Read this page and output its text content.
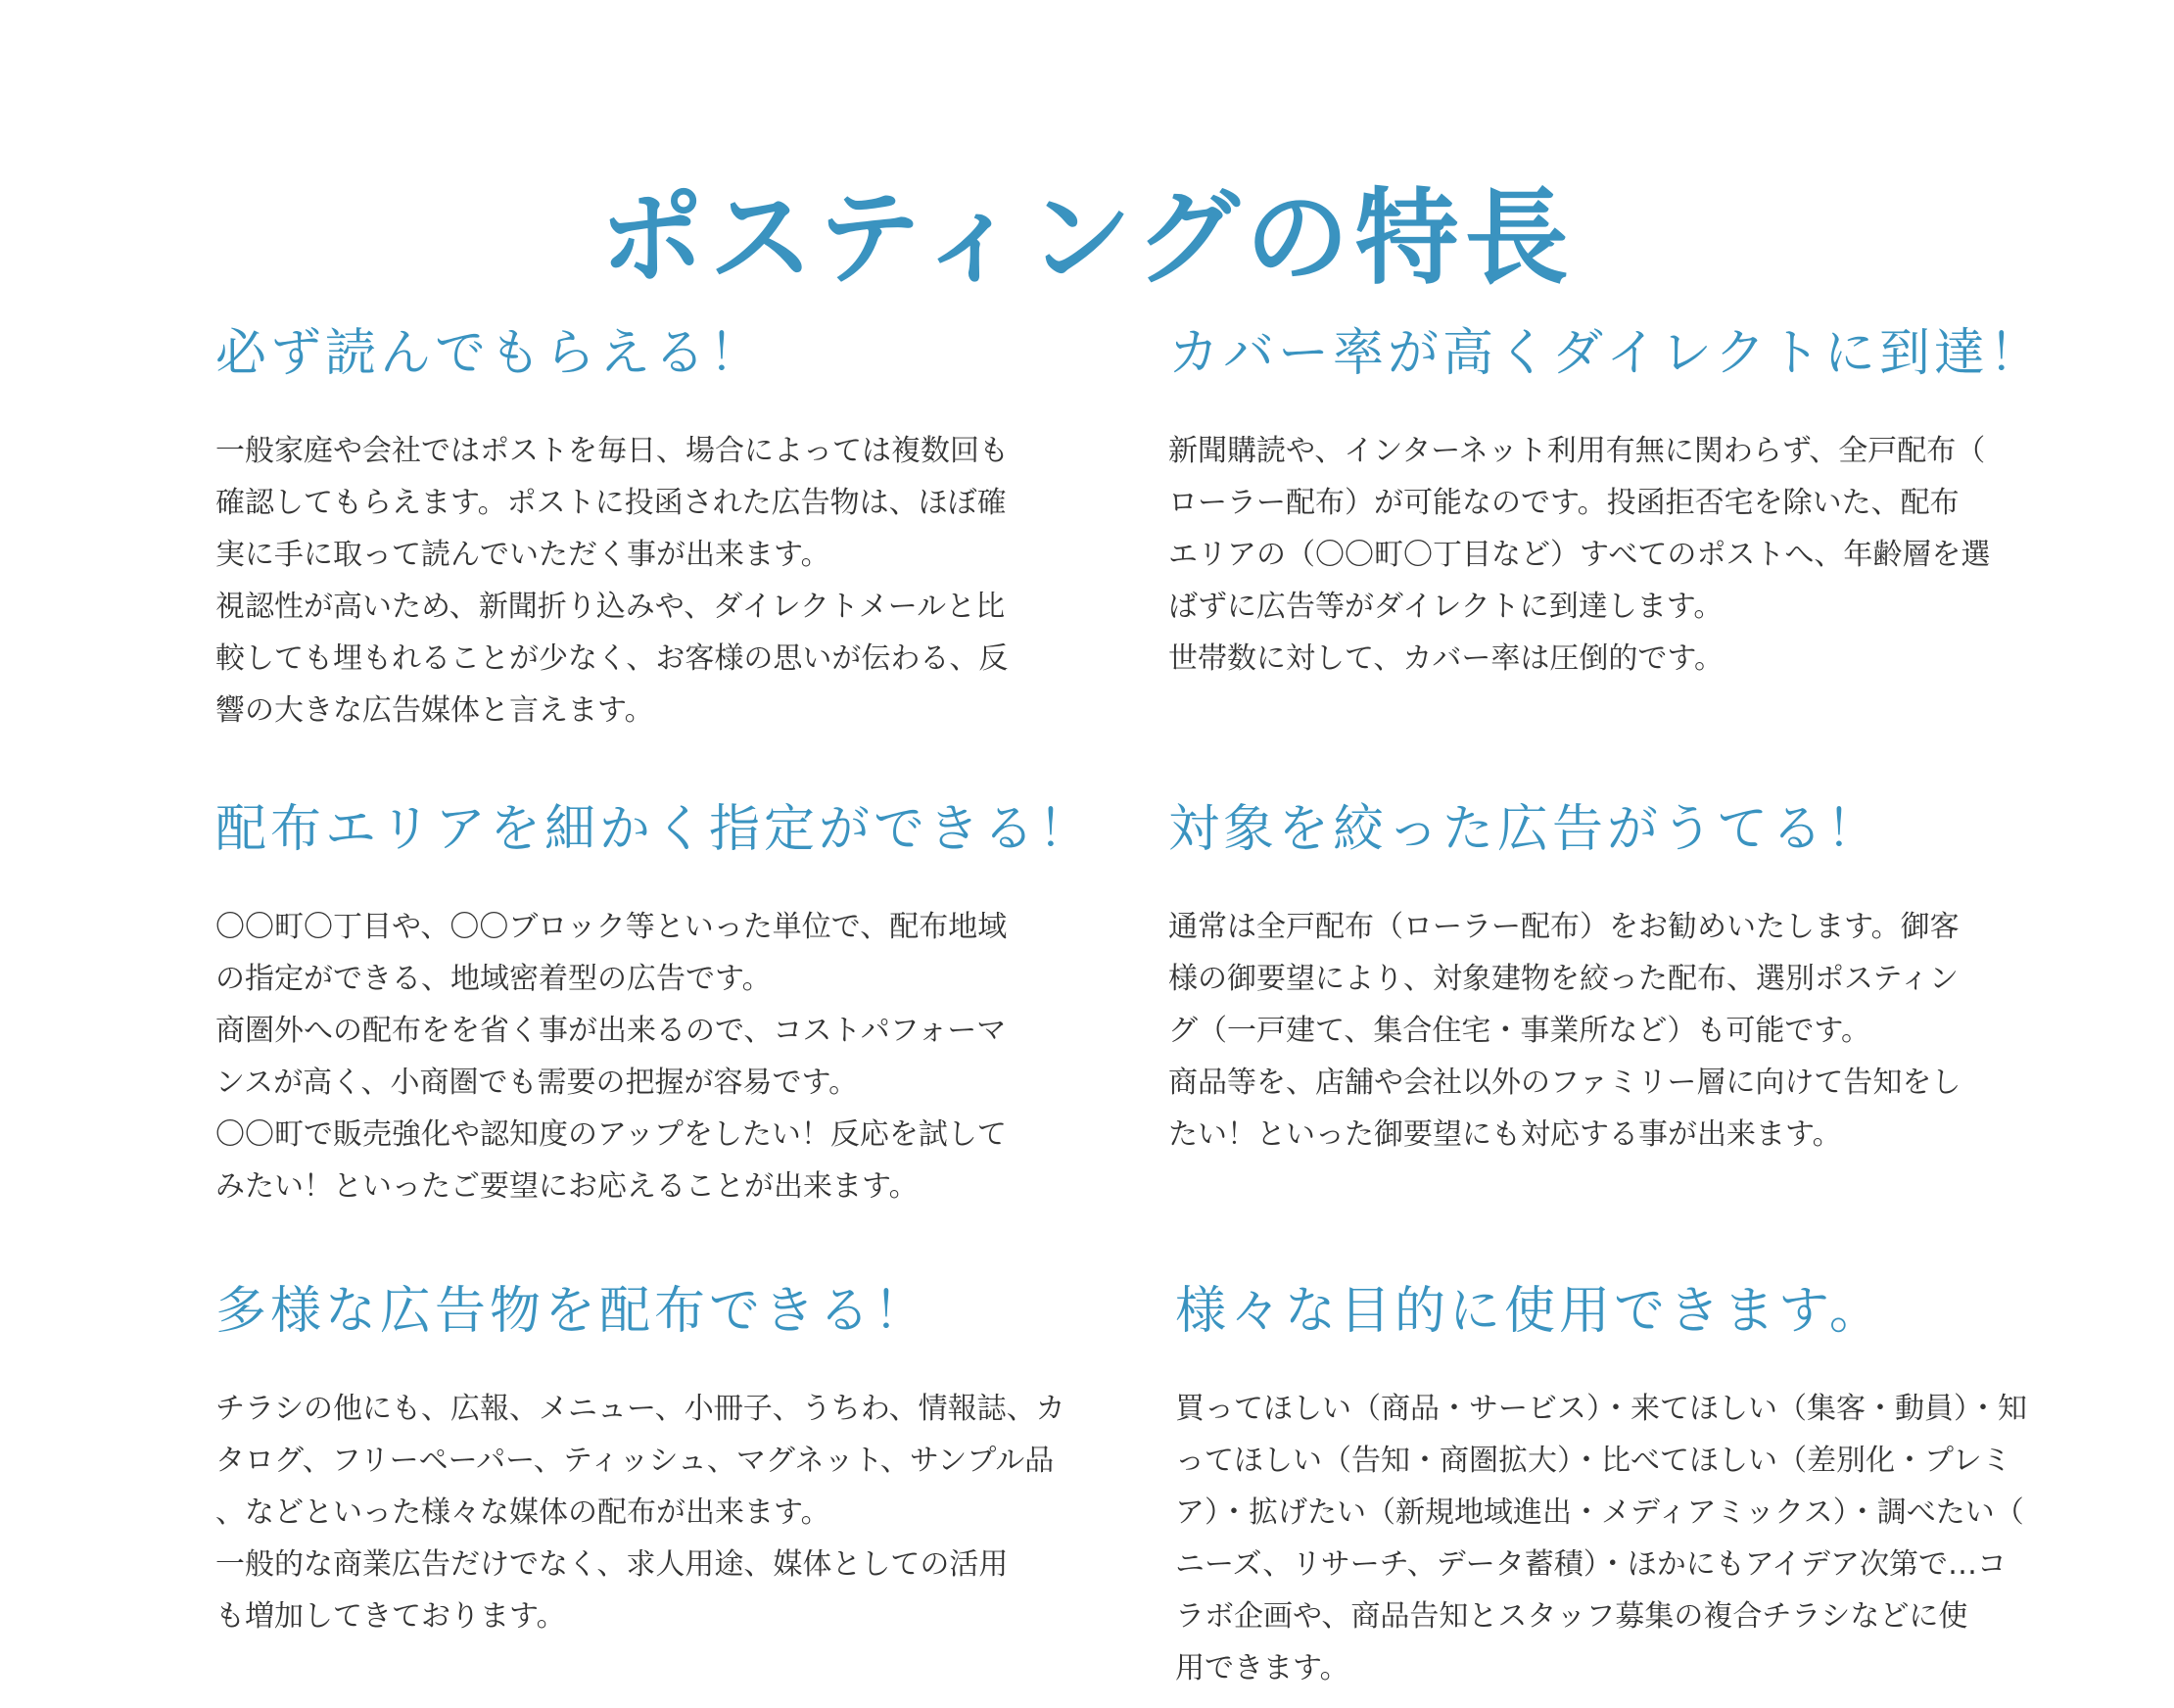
ポスティングの特長
必ず読んでもらえる！

一般家庭や会社ではポストを毎日、場合によっては複数回も
確認してもらえます。ポストに投函された広告物は、ほぼ確
実に手に取って読んでいただく事が出来ます。
視認性が高いため、新聞折り込みや、ダイレクトメールと比
較しても埋もれることが少なく、お客様の思いが伝わる、反
響の大きな広告媒体と言えます。

カバー率が高くダイレクトに到達！

新聞購読や、インターネット利用有無に関わらず、全戸配布（
ローラー配布）が可能なのです。投函拒否宅を除いた、配布
エリアの（〇〇町〇丁目など）すべてのポストへ、年齢層を選
ばずに広告等がダイレクトに到達します。
世帯数に対して、カバー率は圧倒的です。

配布エリアを細かく指定ができる！

〇〇町〇丁目や、〇〇ブロック等といった単位で、配布地域
の指定ができる、地域密着型の広告です。
商圏外への配布をを省く事が出来るので、コストパフォーマ
ンスが高く、小商圏でも需要の把握が容易です。
〇〇町で販売強化や認知度のアップをしたい！反応を試して
みたい！といったご要望にお応えることが出来ます。

対象を絞った広告がうてる！

通常は全戸配布（ローラー配布）をお勧めいたします。御客
様の御要望により、対象建物を絞った配布、選別ポスティン
グ（一戸建て、集合住宅・事業所など）も可能です。
商品等を、店舗や会社以外のファミリー層に向けて告知をし
たい！といった御要望にも対応する事が出来ます。

多様な広告物を配布できる！

チラシの他にも、広報、メニュー、小冊子、うちわ、情報誌、カ
タログ、フリーペーパー、ティッシュ、マグネット、サンプル品
、などといった様々な媒体の配布が出来ます。
一般的な商業広告だけでなく、求人用途、媒体としての活用
も増加してきております。

様々な目的に使用できます。

買ってほしい（商品・サービス）・来てほしい（集客・動員）・知
ってほしい（告知・商圏拡大）・比べてほしい（差別化・プレミ
ア）・拡げたい（新規地域進出・メディアミックス）・調べたい（
ニーズ、リサーチ、データ蓄積）・ほかにもアイデア次第で…コ
ラボ企画や、商品告知とスタッフ募集の複合チラシなどに使
用できます。
